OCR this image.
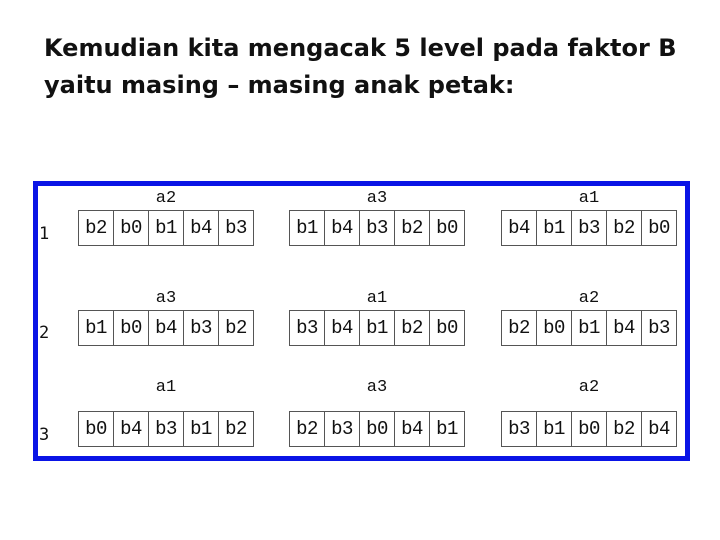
Kemudian kita mengacak 5 level pada faktor B
yaitu masing – masing anak petak:
1
a2
b2 b0 b1 b4 b3
a3
b1 b4 b3 b2 b0
a1
b4 b1 b3 b2 b0
2
a3
b1 b0 b4 b3 b2
a1
b3 b4 b1 b2 b0
a2
b2 b0 b1 b4 b3
3
a1
b0 b4 b3 b1 b2
a3
b2 b3 b0 b4 b1
a2
b3 b1 b0 b2 b4
